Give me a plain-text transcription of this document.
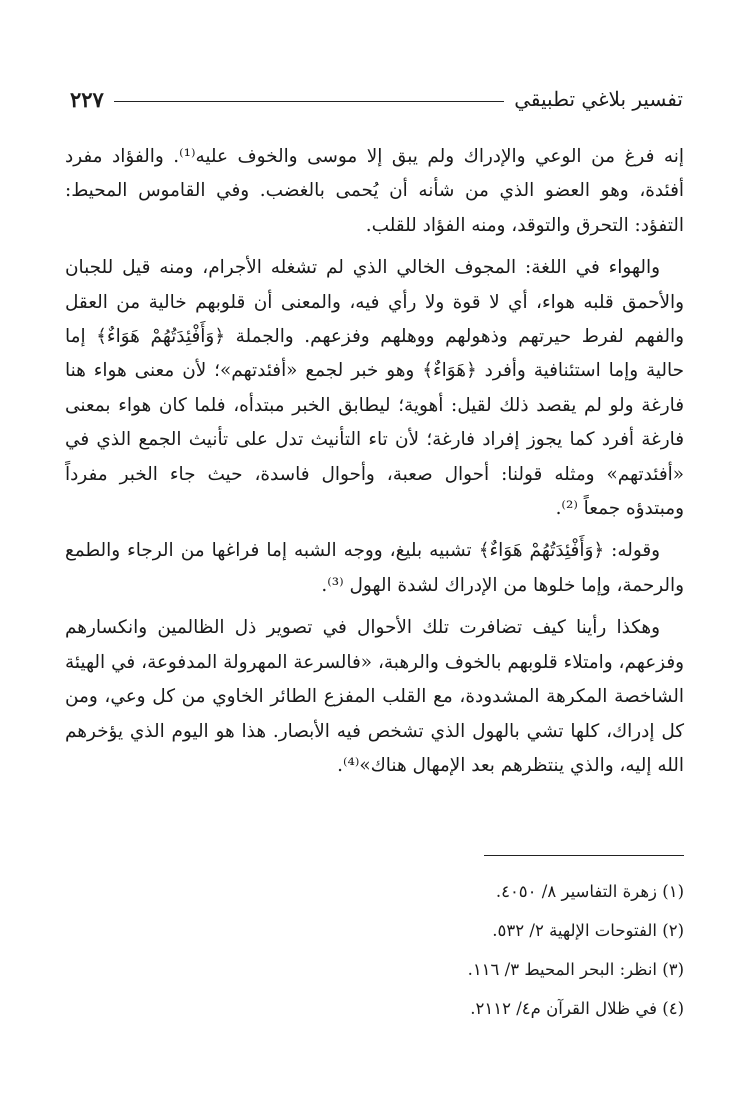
تفسير بلاغي تطبيقي
٢٢٧

إنه فرغ من الوعي والإدراك ولم يبق إلا موسى والخوف عليه⁽¹⁾. والفؤاد مفرد أفئدة، وهو العضو الذي من شأنه أن يُحمى بالغضب. وفي القاموس المحيط: التفؤد: التحرق والتوقد، ومنه الفؤاد للقلب.

والهواء في اللغة: المجوف الخالي الذي لم تشغله الأجرام، ومنه قيل للجبان والأحمق قلبه هواء، أي لا قوة ولا رأي فيه، والمعنى أن قلوبهم خالية من العقل والفهم لفرط حيرتهم وذهولهم ووهلهم وفزعهم. والجملة ﴿وَأَفْئِدَتُهُمْ هَوَاءٌ﴾ إما حالية وإما استئنافية وأفرد ﴿هَوَاءٌ﴾ وهو خبر لجمع «أفئدتهم»؛ لأن معنى هواء هنا فارغة ولو لم يقصد ذلك لقيل: أهوية؛ ليطابق الخبر مبتدأه، فلما كان هواء بمعنى فارغة أفرد كما يجوز إفراد فارغة؛ لأن تاء التأنيث تدل على تأنيث الجمع الذي في «أفئدتهم» ومثله قولنا: أحوال صعبة، وأحوال فاسدة، حيث جاء الخبر مفرداً ومبتدؤه جمعاً ⁽²⁾.

وقوله: ﴿وَأَفْئِدَتُهُمْ هَوَاءٌ﴾ تشبيه بليغ، ووجه الشبه إما فراغها من الرجاء والطمع والرحمة، وإما خلوها من الإدراك لشدة الهول ⁽³⁾.

وهكذا رأينا كيف تضافرت تلك الأحوال في تصوير ذل الظالمين وانكسارهم وفزعهم، وامتلاء قلوبهم بالخوف والرهبة، «فالسرعة المهرولة المدفوعة، في الهيئة الشاخصة المكرهة المشدودة، مع القلب المفزع الطائر الخاوي من كل وعي، ومن كل إدراك، كلها تشي بالهول الذي تشخص فيه الأبصار. هذا هو اليوم الذي يؤخرهم الله إليه، والذي ينتظرهم بعد الإمهال هناك»⁽⁴⁾.

(١) زهرة التفاسير ٨/ ٤٠٥٠.

(٢) الفتوحات الإلهية ٢/ ٥٣٢.

(٣) انظر: البحر المحيط ٣/ ١١٦.

(٤) في ظلال القرآن م٤/ ٢١١٢.
